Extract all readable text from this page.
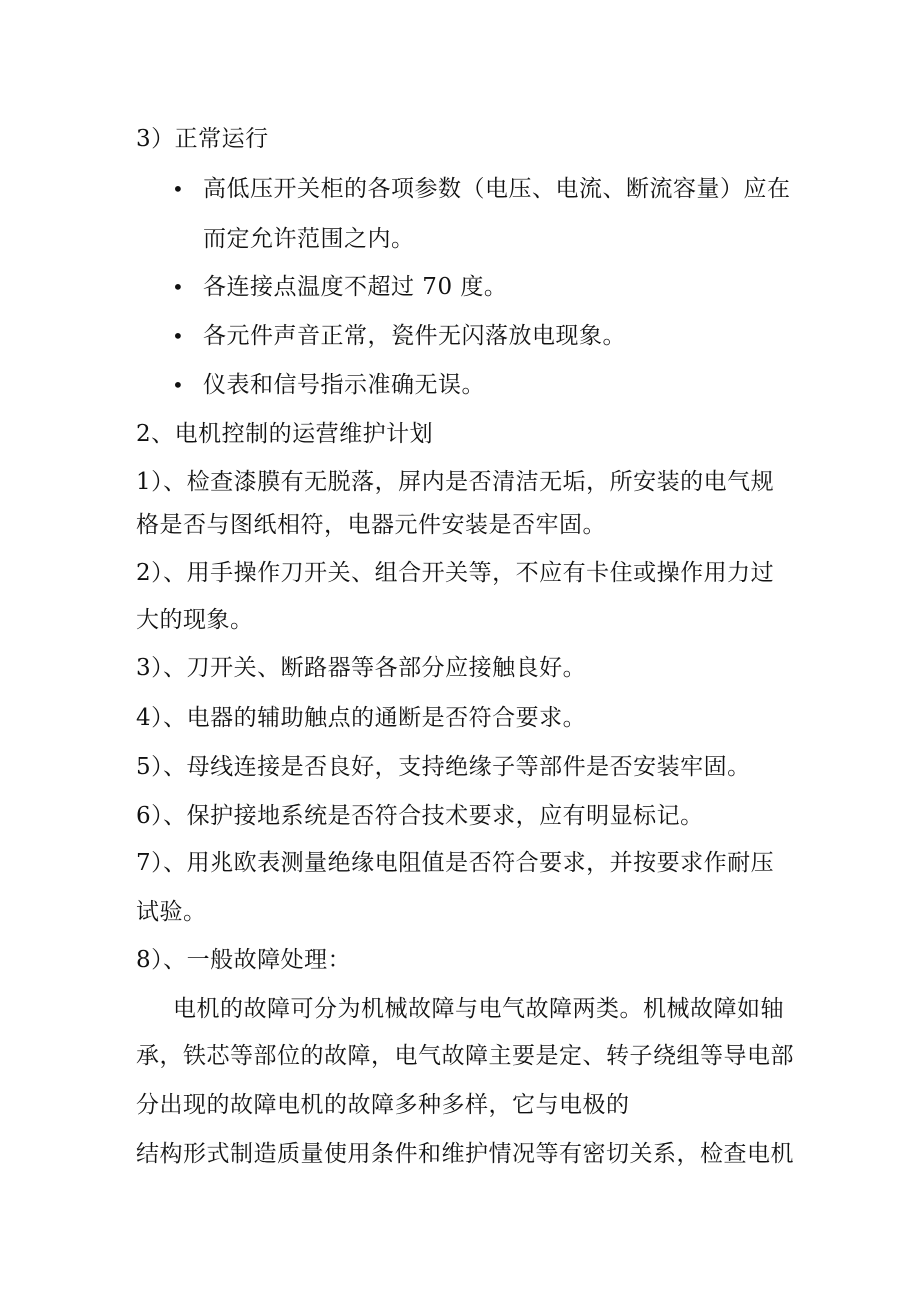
3）正常运行
• 高低压开关柜的各项参数（电压、电流、断流容量）应在
而定允许范围之内。
• 各连接点温度不超过 70 度。
• 各元件声音正常，瓷件无闪落放电现象。
• 仪表和信号指示准确无误。
2、电机控制的运营维护计划
1）、检查漆膜有无脱落，屏内是否清洁无垢，所安装的电气规
格是否与图纸相符，电器元件安装是否牢固。
2）、用手操作刀开关、组合开关等，不应有卡住或操作用力过
大的现象。
3）、刀开关、断路器等各部分应接触良好。
4）、电器的辅助触点的通断是否符合要求。
5）、母线连接是否良好，支持绝缘子等部件是否安装牢固。
6）、保护接地系统是否符合技术要求，应有明显标记。
7）、用兆欧表测量绝缘电阻值是否符合要求，并按要求作耐压
试验。
8）、一般故障处理：
电机的故障可分为机械故障与电气故障两类。机械故障如轴
承，铁芯等部位的故障，电气故障主要是定、转子绕组等导电部
分出现的故障电机的故障多种多样，它与电极的
结构形式制造质量使用条件和维护情况等有密切关系，检查电机
